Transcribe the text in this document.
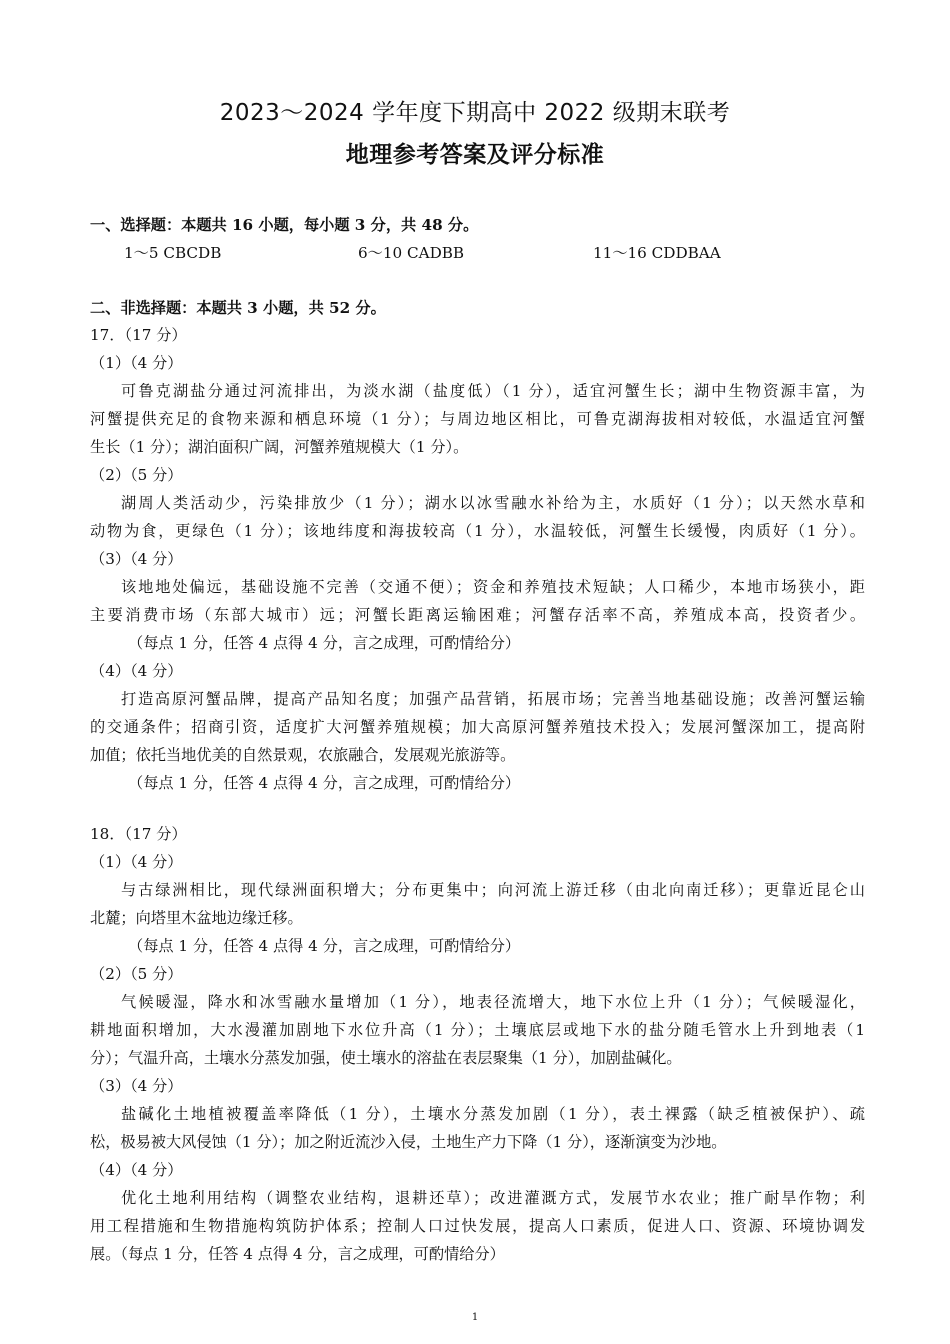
2023～2024 学年度下期高中 2022 级期末联考
地理参考答案及评分标准
一、选择题：本题共 16 小题，每小题 3 分，共 48 分。
1～5 CBCDB	6～10 CADBB	11～16 CDDBAA
二、非选择题：本题共 3 小题，共 52 分。
17．（17 分）
（1）（4 分）
可鲁克湖盐分通过河流排出，为淡水湖（盐度低）（1 分），适宜河蟹生长；湖中生物资源丰富，为
河蟹提供充足的食物来源和栖息环境（1 分）；与周边地区相比，可鲁克湖海拔相对较低，水温适宜河蟹
生长（1 分）；湖泊面积广阔，河蟹养殖规模大（1 分）。
（2）（5 分）
湖周人类活动少，污染排放少（1 分）；湖水以冰雪融水补给为主，水质好（1 分）；以天然水草和
动物为食，更绿色（1 分）；该地纬度和海拔较高（1 分），水温较低，河蟹生长缓慢，肉质好（1 分）。
（3）（4 分）
该地地处偏远，基础设施不完善（交通不便）；资金和养殖技术短缺；人口稀少，本地市场狭小，距
主要消费市场（东部大城市）远；河蟹长距离运输困难；河蟹存活率不高，养殖成本高，投资者少。
（每点 1 分，任答 4 点得 4 分，言之成理，可酌情给分）
（4）（4 分）
打造高原河蟹品牌，提高产品知名度；加强产品营销，拓展市场；完善当地基础设施；改善河蟹运输
的交通条件；招商引资，适度扩大河蟹养殖规模；加大高原河蟹养殖技术投入；发展河蟹深加工，提高附
加值；依托当地优美的自然景观，农旅融合，发展观光旅游等。
（每点 1 分，任答 4 点得 4 分，言之成理，可酌情给分）
18．（17 分）
（1）（4 分）
与古绿洲相比，现代绿洲面积增大；分布更集中；向河流上游迁移（由北向南迁移）；更靠近昆仑山
北麓；向塔里木盆地边缘迁移。
（每点 1 分，任答 4 点得 4 分，言之成理，可酌情给分）
（2）（5 分）
气候暖湿，降水和冰雪融水量增加（1 分），地表径流增大，地下水位上升（1 分）；气候暖湿化，
耕地面积增加，大水漫灌加剧地下水位升高（1 分）；土壤底层或地下水的盐分随毛管水上升到地表（1
分）；气温升高，土壤水分蒸发加强，使土壤水的溶盐在表层聚集（1 分），加剧盐碱化。
（3）（4 分）
盐碱化土地植被覆盖率降低（1 分），土壤水分蒸发加剧（1 分），表土裸露（缺乏植被保护）、疏
松，极易被大风侵蚀（1 分）；加之附近流沙入侵，土地生产力下降（1 分），逐渐演变为沙地。
（4）（4 分）
优化土地利用结构（调整农业结构，退耕还草）；改进灌溉方式，发展节水农业；推广耐旱作物；利
用工程措施和生物措施构筑防护体系；控制人口过快发展，提高人口素质，促进人口、资源、环境协调发
展。（每点 1 分，任答 4 点得 4 分，言之成理，可酌情给分）
1
